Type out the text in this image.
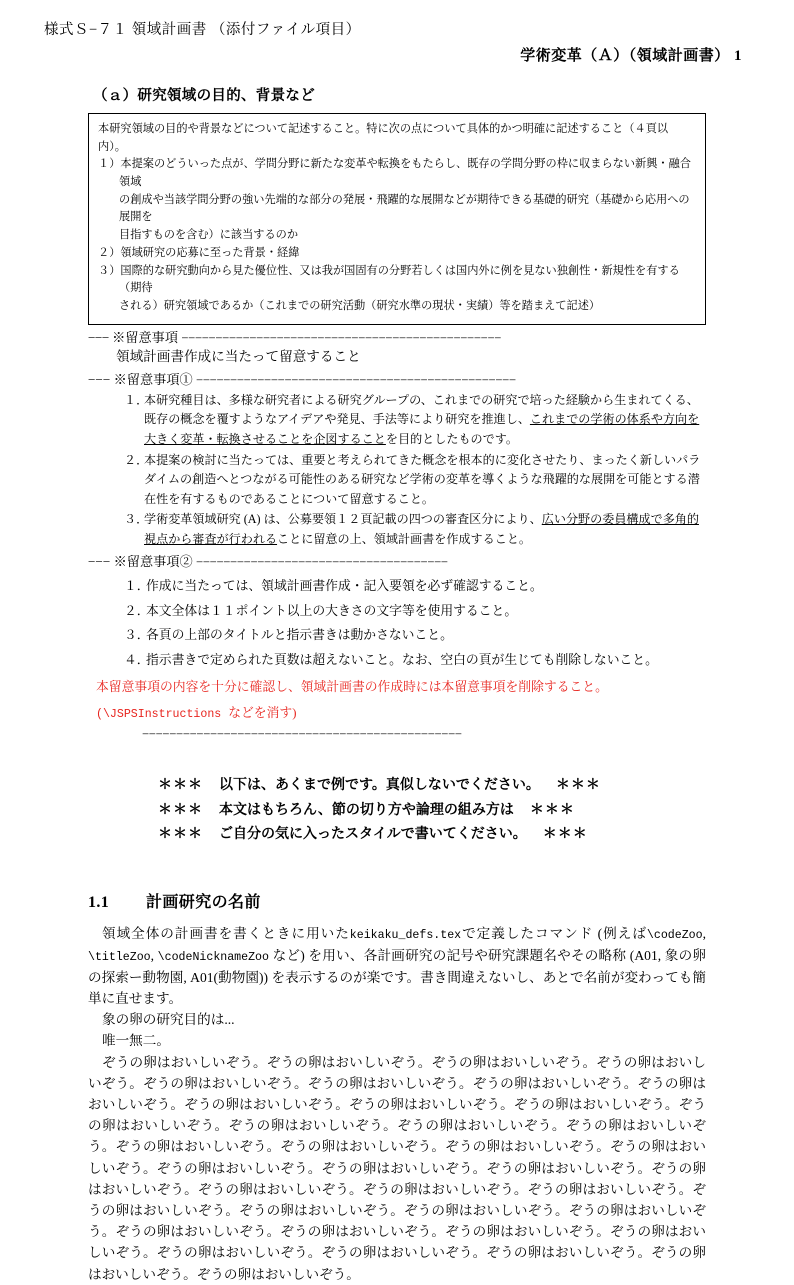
様式Ｓ−７１ 領域計画書 （添付ファイル項目）
学術変革（Ａ）（領域計画書） 1
（ａ）研究領域の目的、背景など

本研究領域の目的や背景などについて記述すること。特に次の点について具体的かつ明確に記述すること（４頁以内）。

１）本提案のどういった点が、学問分野に新たな変革や転換をもたらし、既存の学問分野の枠に収まらない新興・融合領域

の創成や当該学問分野の強い先端的な部分の発展・飛躍的な展開などが期待できる基礎的研究（基礎から応用への展開を

目指すものを含む）に該当するのか

２）領域研究の応募に至った背景・経緯

３）国際的な研究動向から見た優位性、又は我が国固有の分野若しくは国内外に例を見ない独創性・新規性を有する（期待

される）研究領域であるか（これまでの研究活動（研究水準の現状・実績）等を踏まえて記述）

−−− ※留意事項 −−−−−−−−−−−−−−−−−−−−−−−−−−−−−−−−−−−−−−−−−−−−−−−
領域計画書作成に当たって留意すること
−−− ※留意事項① −−−−−−−−−−−−−−−−−−−−−−−−−−−−−−−−−−−−−−−−−−−−−−−
１．
本研究種目は、多様な研究者による研究グループの、これまでの研究で培った経験から生まれてくる、既存の概念を覆すようなアイデアや発見、手法等により研究を推進し、これまでの学術の体系や方向を大きく変革・転換させることを企図することを目的としたものです。
２．
本提案の検討に当たっては、重要と考えられてきた概念を根本的に変化させたり、まったく新しいパラダイムの創造へとつながる可能性のある研究など学術の変革を導くような飛躍的な展開を可能とする潜在性を有するものであることについて留意すること。
３．
学術変革領域研究 (A) は、公募要領１２頁記載の四つの審査区分により、広い分野の委員構成で多角的視点から審査が行われることに留意の上、領域計画書を作成すること。
−−− ※留意事項② −−−−−−−−−−−−−−−−−−−−−−−−−−−−−−−−−−−−−
１．
作成に当たっては、領域計画書作成・記入要領を必ず確認すること。
２．
本文全体は１１ポイント以上の大きさの文字等を使用すること。
３．
各頁の上部のタイトルと指示書きは動かさないこと。
４．
指示書きで定められた頁数は超えないこと。なお、空白の頁が生じても削除しないこと。
本留意事項の内容を十分に確認し、領域計画書の作成時には本留意事項を削除すること。
(\JSPSInstructions などを消す)
−−−−−−−−−−−−−−−−−−−−−−−−−−−−−−−−−−−−−−−−−−−−−−−
＊＊＊ 以下は、あくまで例です。真似しないでください。 ＊＊＊
＊＊＊ 本文はもちろん、節の切り方や論理の組み方は ＊＊＊
＊＊＊ ご自分の気に入ったスタイルで書いてください。 ＊＊＊
1.1 計画研究の名前
領域全体の計画書を書くときに用いたkeikaku_defs.texで定義したコマンド (例えば\codeZoo, \titleZoo, \codeNicknameZoo など) を用い、各計画研究の記号や研究課題名やその略称 (A01, 象の卵の探索ー動物園, A01(動物園)) を表示するのが楽です。書き間違えないし、あとで名前が変わっても簡単に直せます。
象の卵の研究目的は...
唯一無二。
ぞうの卵はおいしいぞう。ぞうの卵はおいしいぞう。ぞうの卵はおいしいぞう。ぞうの卵はおいしいぞう。ぞうの卵はおいしいぞう。ぞうの卵はおいしいぞう。ぞうの卵はおいしいぞう。ぞうの卵はおいしいぞう。ぞうの卵はおいしいぞう。ぞうの卵はおいしいぞう。ぞうの卵はおいしいぞう。ぞうの卵はおいしいぞう。ぞうの卵はおいしいぞう。ぞうの卵はおいしいぞう。ぞうの卵はおいしいぞう。ぞうの卵はおいしいぞう。ぞうの卵はおいしいぞう。ぞうの卵はおいしいぞう。ぞうの卵はおいしいぞう。ぞうの卵はおいしいぞう。ぞうの卵はおいしいぞう。ぞうの卵はおいしいぞう。ぞうの卵はおいしいぞう。ぞうの卵はおいしいぞう。ぞうの卵はおいしいぞう。ぞうの卵はおいしいぞう。ぞうの卵はおいしいぞう。ぞうの卵はおいしいぞう。ぞうの卵はおいしいぞう。ぞうの卵はおいしいぞう。ぞうの卵はおいしいぞう。ぞうの卵はおいしいぞう。ぞうの卵はおいしいぞう。ぞうの卵はおいしいぞう。ぞうの卵はおいしいぞう。ぞうの卵はおいしいぞう。ぞうの卵はおいしいぞう。ぞうの卵はおいしいぞう。ぞうの卵はおいしいぞう。
